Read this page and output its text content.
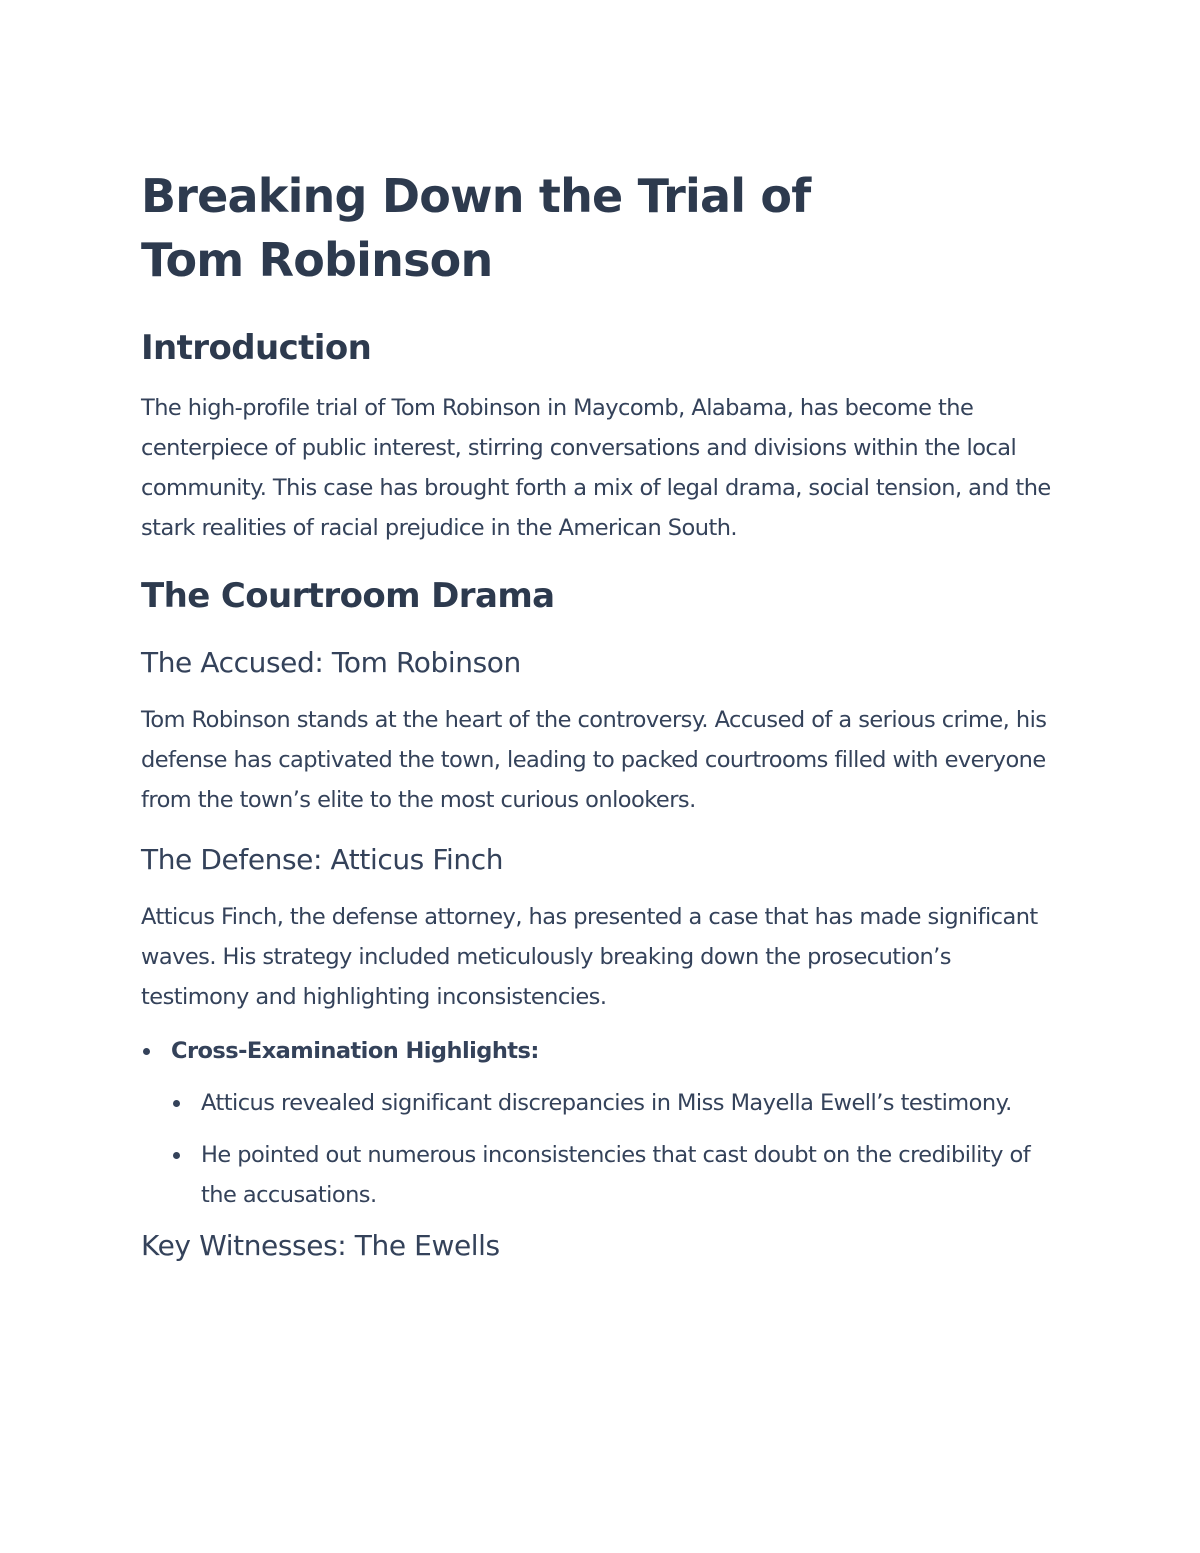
Breaking Down the Trial of Tom Robinson
Introduction

The high-profile trial of Tom Robinson in Maycomb, Alabama, has become the centerpiece of public interest, stirring conversations and divisions within the local community. This case has brought forth a mix of legal drama, social tension, and the stark realities of racial prejudice in the American South.

The Courtroom Drama
The Accused: Tom Robinson

Tom Robinson stands at the heart of the controversy. Accused of a serious crime, his defense has captivated the town, leading to packed courtrooms filled with everyone from the town’s elite to the most curious onlookers.

The Defense: Atticus Finch

Atticus Finch, the defense attorney, has presented a case that has made significant waves. His strategy included meticulously breaking down the prosecution’s testimony and highlighting inconsistencies.

Cross-Examination Highlights:
Atticus revealed significant discrepancies in Miss Mayella Ewell’s testimony.
He pointed out numerous inconsistencies that cast doubt on the credibility of the accusations.
Key Witnesses: The Ewells
